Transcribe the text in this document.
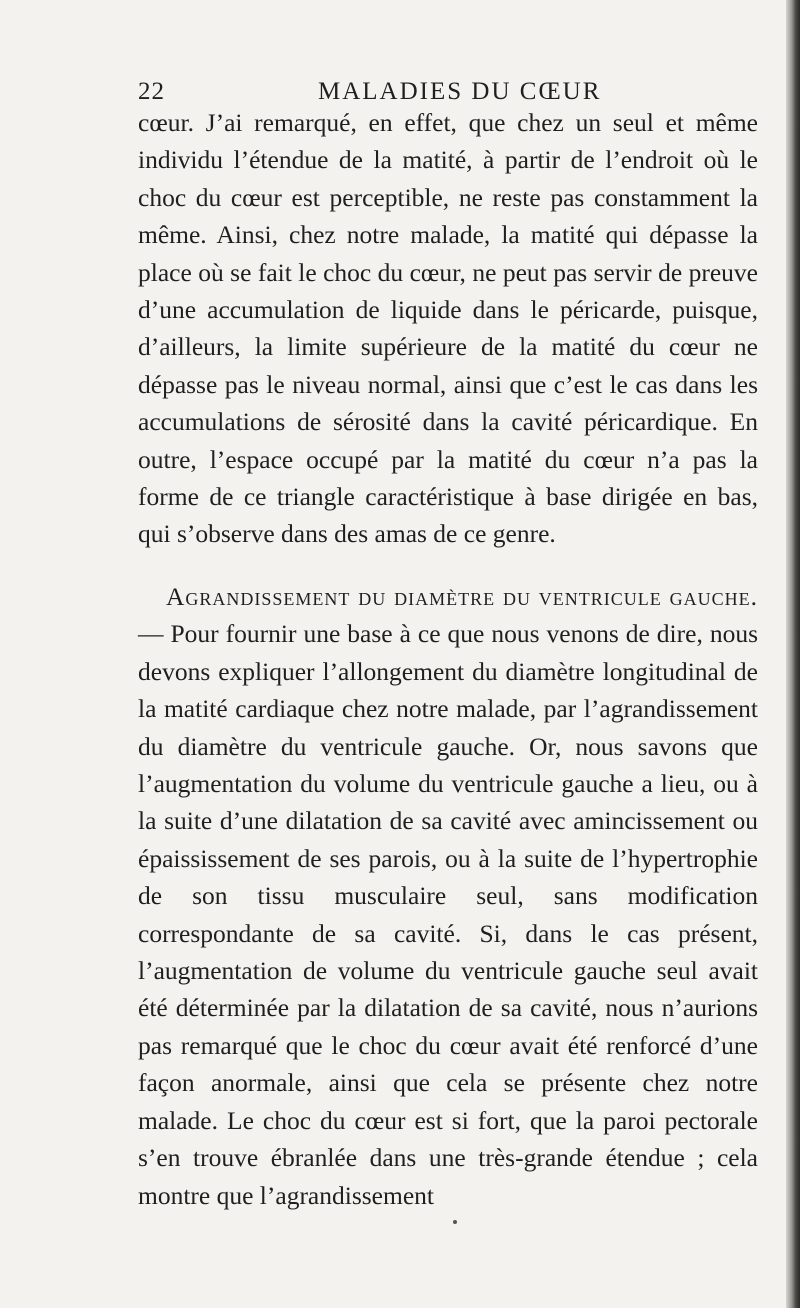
22	MALADIES DU CŒUR

cœur. J’ai remarqué, en effet, que chez un seul et même individu l’étendue de la matité, à partir de l’endroit où le choc du cœur est perceptible, ne reste pas constamment la même. Ainsi, chez notre malade, la matité qui dépasse la place où se fait le choc du cœur, ne peut pas servir de preuve d’une accumulation de liquide dans le péricarde, puisque, d’ailleurs, la limite supérieure de la matité du cœur ne dépasse pas le niveau normal, ainsi que c’est le cas dans les accumulations de sérosité dans la cavité péricardique. En outre, l’espace occupé par la matité du cœur n’a pas la forme de ce triangle caractéristique à base dirigée en bas, qui s’observe dans des amas de ce genre.

Agrandissement du diamètre du ventricule gauche. — Pour fournir une base à ce que nous venons de dire, nous devons expliquer l’allongement du diamètre longitudinal de la matité cardiaque chez notre malade, par l’agrandissement du diamètre du ventricule gauche. Or, nous savons que l’augmentation du volume du ventricule gauche a lieu, ou à la suite d’une dilatation de sa cavité avec amincissement ou épaississement de ses parois, ou à la suite de l’hypertrophie de son tissu musculaire seul, sans modification correspondante de sa cavité. Si, dans le cas présent, l’augmentation de volume du ventricule gauche seul avait été déterminée par la dilatation de sa cavité, nous n’aurions pas remarqué que le choc du cœur avait été renforcé d’une façon anormale, ainsi que cela se présente chez notre malade. Le choc du cœur est si fort, que la paroi pectorale s’en trouve ébranlée dans une très-grande étendue ; cela montre que l’agrandissement
